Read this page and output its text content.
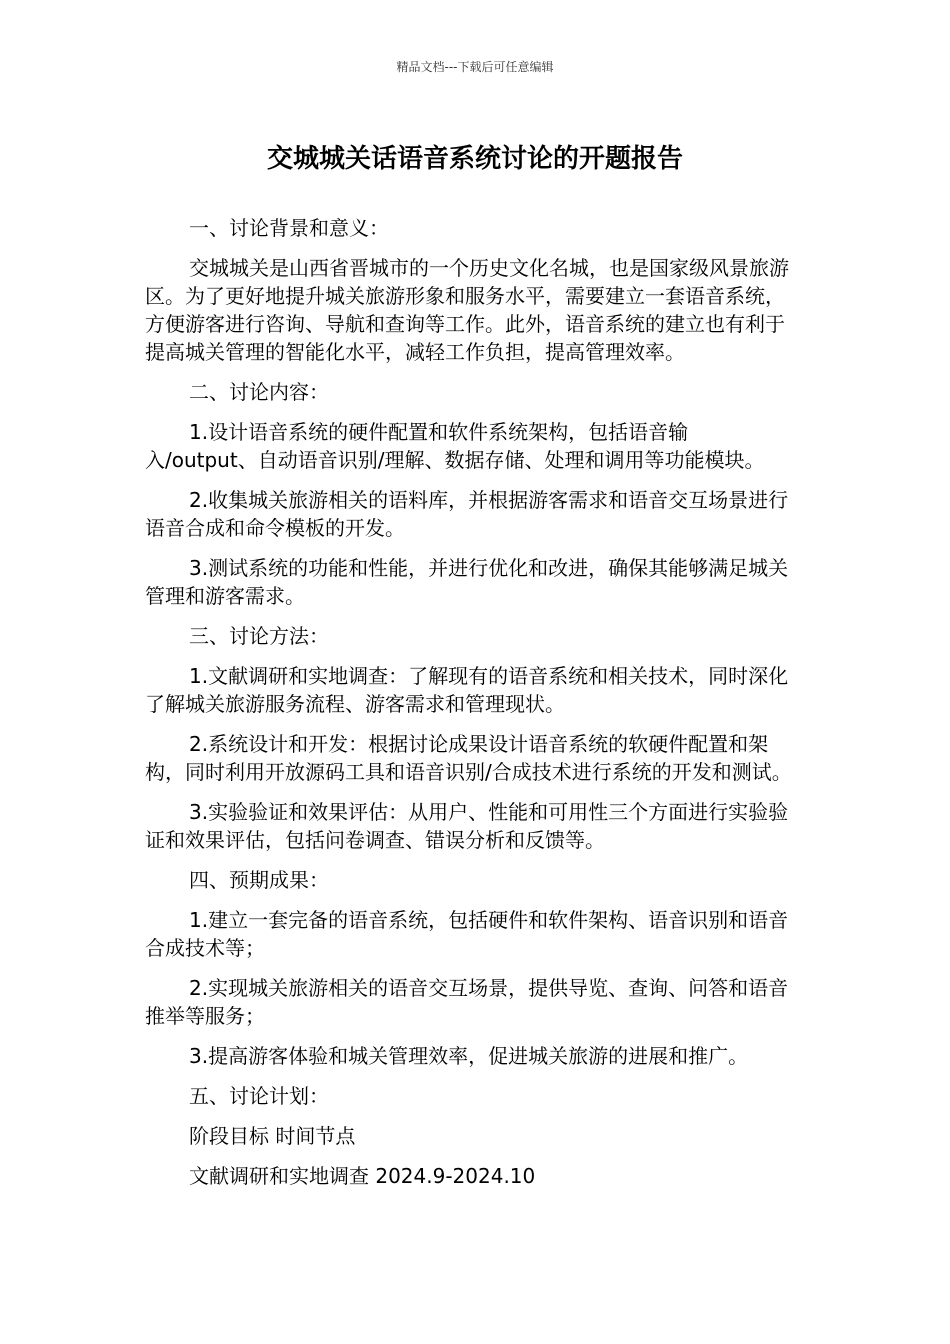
精品文档---下载后可任意编辑
交城城关话语音系统讨论的开题报告

一、讨论背景和意义：

交城城关是山西省晋城市的一个历史文化名城，也是国家级风景旅游区。为了更好地提升城关旅游形象和服务水平，需要建立一套语音系统，方便游客进行咨询、导航和查询等工作。此外，语音系统的建立也有利于提高城关管理的智能化水平，减轻工作负担，提高管理效率。

二、讨论内容：

1.设计语音系统的硬件配置和软件系统架构，包括语音输入/output、自动语音识别/理解、数据存储、处理和调用等功能模块。

2.收集城关旅游相关的语料库，并根据游客需求和语音交互场景进行语音合成和命令模板的开发。

3.测试系统的功能和性能，并进行优化和改进，确保其能够满足城关管理和游客需求。

三、讨论方法：

1.文献调研和实地调查：了解现有的语音系统和相关技术，同时深化了解城关旅游服务流程、游客需求和管理现状。

2.系统设计和开发：根据讨论成果设计语音系统的软硬件配置和架构，同时利用开放源码工具和语音识别/合成技术进行系统的开发和测试。

3.实验验证和效果评估：从用户、性能和可用性三个方面进行实验验证和效果评估，包括问卷调查、错误分析和反馈等。

四、预期成果：

1.建立一套完备的语音系统，包括硬件和软件架构、语音识别和语音合成技术等；

2.实现城关旅游相关的语音交互场景，提供导览、查询、问答和语音推举等服务；

3.提高游客体验和城关管理效率，促进城关旅游的进展和推广。

五、讨论计划：

阶段目标 时间节点

文献调研和实地调查 2024.9-2024.10
